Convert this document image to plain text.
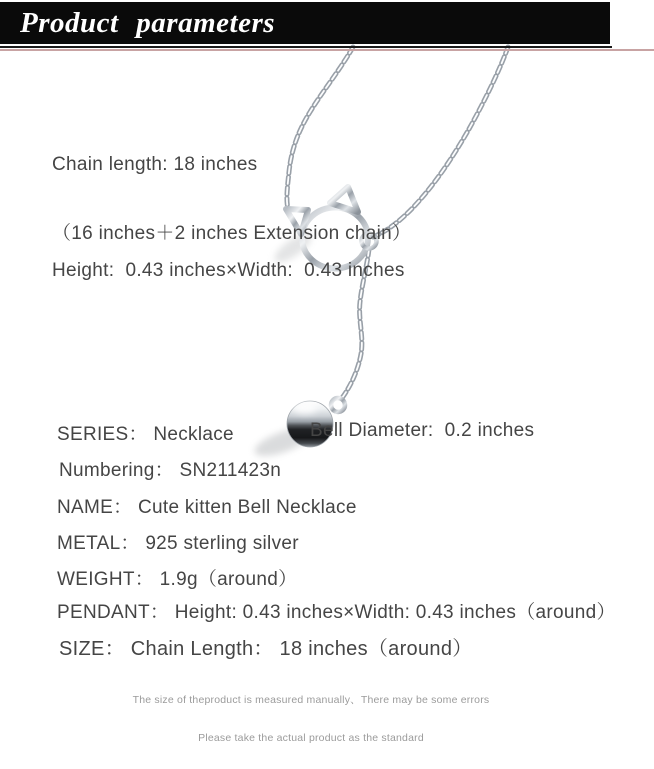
Product parameters

Chain length: 18 inches

（16 inches＋2 inches Extension chain）

Height:  0.43 inches×Width:  0.43 inches
Bell Diameter:  0.2 inches
SERIES： Necklace
Numbering： SN211423n
NAME： Cute kitten Bell Necklace
METAL： 925 sterling silver
WEIGHT： 1.9g（around）
PENDANT： Height: 0.43 inches×Width: 0.43 inches（around）
SIZE： Chain Length： 18 inches（around）

The size of theproduct is measured manually、There may be some errors

Please take the actual product as the standard
